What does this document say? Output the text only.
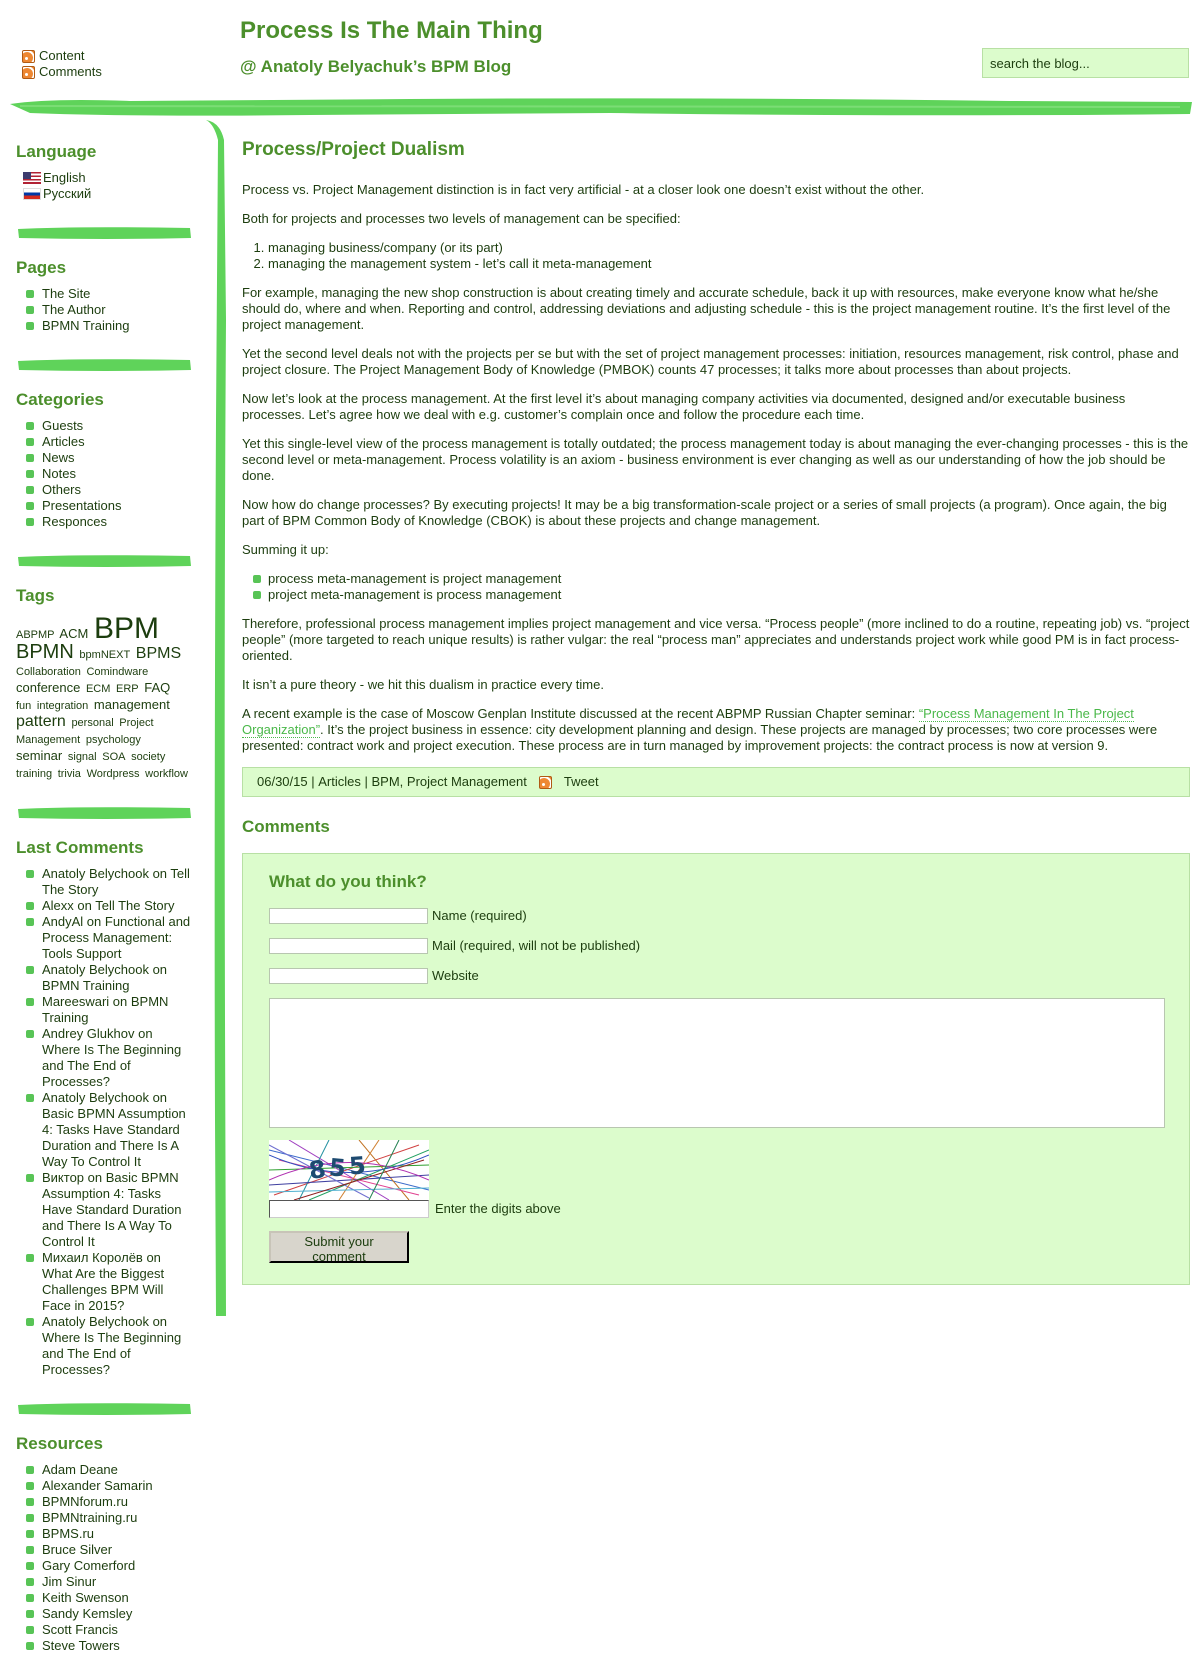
Content
Comments
Process Is The Main Thing
@ Anatoly Belyachuk’s BPM Blog
search the blog...
Language
English
Русский
Pages
The Site
The Author
BPMN Training
Categories
Guests
Articles
News
Notes
Others
Presentations
Responces
Tags
ABPMP ACM BPM BPMN bpmNEXT BPMS Collaboration Comindware conference ECM ERP FAQ fun integration management pattern personal Project Management psychology seminar signal SOA society training trivia Wordpress workflow
Last Comments
Anatoly Belychook on Tell The Story
Alexx on Tell The Story
AndyAl on Functional and Process Management: Tools Support
Anatoly Belychook on BPMN Training
Mareeswari on BPMN Training
Andrey Glukhov on Where Is The Beginning and The End of Processes?
Anatoly Belychook on Basic BPMN Assumption 4: Tasks Have Standard Duration and There Is A Way To Control It
Виктор on Basic BPMN Assumption 4: Tasks Have Standard Duration and There Is A Way To Control It
Михаил Королёв on What Are the Biggest Challenges BPM Will Face in 2015?
Anatoly Belychook on Where Is The Beginning and The End of Processes?
Resources
Adam Deane
Alexander Samarin
BPMNforum.ru
BPMNtraining.ru
BPMS.ru
Bruce Silver
Gary Comerford
Jim Sinur
Keith Swenson
Sandy Kemsley
Scott Francis
Steve Towers
Process/Project Dualism

Process vs. Project Management distinction is in fact very artificial - at a closer look one doesn’t exist without the other.

Both for projects and processes two levels of management can be specified:

1. managing business/company (or its part)
2. managing the management system - let’s call it meta-management

For example, managing the new shop construction is about creating timely and accurate schedule, back it up with resources, make everyone know what he/she should do, where and when. Reporting and control, addressing deviations and adjusting schedule - this is the project management routine. It’s the first level of the project management.

Yet the second level deals not with the projects per se but with the set of project management processes: initiation, resources management, risk control, phase and project closure. The Project Management Body of Knowledge (PMBOK) counts 47 processes; it talks more about processes than about projects.

Now let’s look at the process management. At the first level it’s about managing company activities via documented, designed and/or executable business processes. Let’s agree how we deal with e.g. customer’s complain once and follow the procedure each time.

Yet this single-level view of the process management is totally outdated; the process management today is about managing the ever-changing processes - this is the second level or meta-management. Process volatility is an axiom - business environment is ever changing as well as our understanding of how the job should be done.

Now how do change processes? By executing projects! It may be a big transformation-scale project or a series of small projects (a program). Once again, the big part of BPM Common Body of Knowledge (CBOK) is about these projects and change management.

Summing it up:

process meta-management is project management
project meta-management is process management

Therefore, professional process management implies project management and vice versa. “Process people” (more inclined to do a routine, repeating job) vs. “project people” (more targeted to reach unique results) is rather vulgar: the real “process man” appreciates and understands project work while good PM is in fact process-oriented.

It isn’t a pure theory - we hit this dualism in practice every time.

A recent example is the case of Moscow Genplan Institute discussed at the recent ABPMP Russian Chapter seminar: “Process Management In The Project Organization”. It’s the project business in essence: city development planning and design. These projects are managed by processes; two core processes were presented: contract work and project execution. These process are in turn managed by improvement projects: the contract process is now at version 9.

06/30/15
|
Articles
|
BPM, Project Management	Tweet
Comments
What do you think?
Name (required)
Mail (required, will not be published)
Website
8 5 5
Enter the digits above
Submit your comment
